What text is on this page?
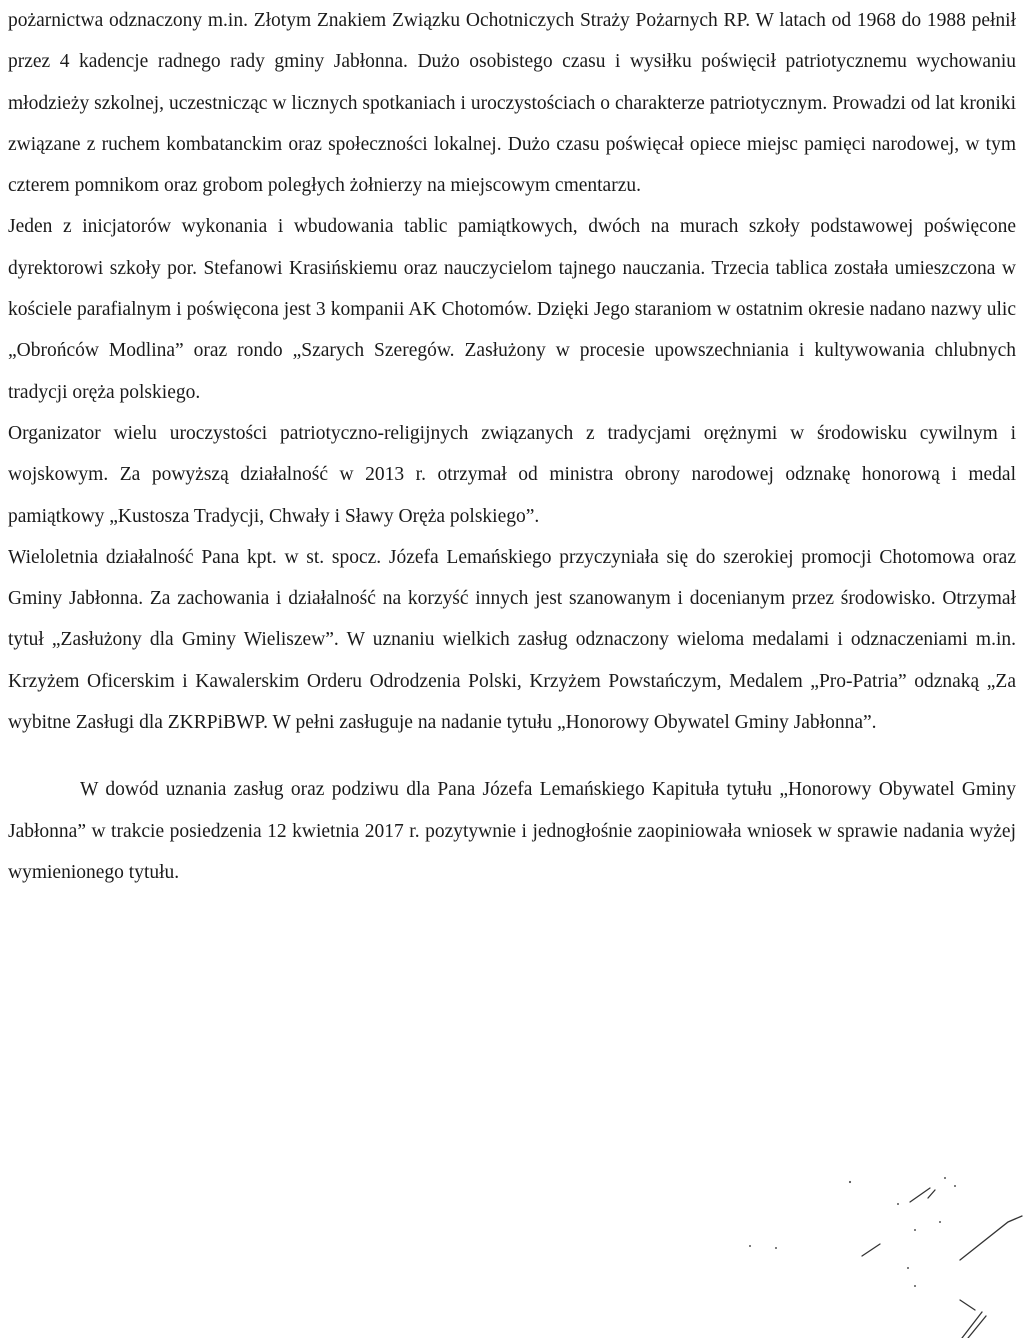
pożarnictwa odznaczony m.in. Złotym Znakiem Związku Ochotniczych Straży Pożarnych RP. W latach od 1968 do 1988 pełnił przez 4 kadencje radnego rady gminy Jabłonna. Dużo osobistego czasu i wysiłku poświęcił patriotycznemu wychowaniu młodzieży szkolnej, uczestnicząc w licznych spotkaniach i uroczystościach o charakterze patriotycznym. Prowadzi od lat kroniki związane z ruchem kombatanckim oraz społeczności lokalnej. Dużo czasu poświęcał opiece miejsc pamięci narodowej, w tym czterem pomnikom oraz grobom poległych żołnierzy na miejscowym cmentarzu.

Jeden z inicjatorów wykonania i wbudowania tablic pamiątkowych, dwóch na murach szkoły podstawowej poświęcone dyrektorowi szkoły por. Stefanowi Krasińskiemu oraz nauczycielom tajnego nauczania. Trzecia tablica została umieszczona w kościele parafialnym i poświęcona jest 3 kompanii AK Chotomów. Dzięki Jego staraniom w ostatnim okresie nadano nazwy ulic „Obrońców Modlina” oraz rondo „Szarych Szeregów. Zasłużony w procesie upowszechniania i kultywowania chlubnych tradycji oręża polskiego.

Organizator wielu uroczystości patriotyczno-religijnych związanych z tradycjami orężnymi w środowisku cywilnym i wojskowym. Za powyższą działalność w 2013 r. otrzymał od ministra obrony narodowej odznakę honorową i medal pamiątkowy „Kustosza Tradycji, Chwały i Sławy Oręża polskiego”.

Wieloletnia działalność Pana kpt. w st. spocz. Józefa Lemańskiego przyczyniała się do szerokiej promocji Chotomowa oraz Gminy Jabłonna. Za zachowania i działalność na korzyść innych jest szanowanym i docenianym przez środowisko. Otrzymał tytuł „Zasłużony dla Gminy Wieliszew”. W uznaniu wielkich zasług odznaczony wieloma medalami i odznaczeniami m.in. Krzyżem Oficerskim i Kawalerskim Orderu Odrodzenia Polski, Krzyżem Powstańczym, Medalem „Pro-Patria” odznaką „Za wybitne Zasługi dla ZKRPiBWP. W pełni zasługuje na nadanie tytułu „Honorowy Obywatel Gminy Jabłonna”.

W dowód uznania zasług oraz podziwu dla Pana Józefa Lemańskiego Kapituła tytułu „Honorowy Obywatel Gminy Jabłonna” w trakcie posiedzenia 12 kwietnia 2017 r. pozytywnie i jednogłośnie zaopiniowała wniosek w sprawie nadania wyżej wymienionego tytułu.
